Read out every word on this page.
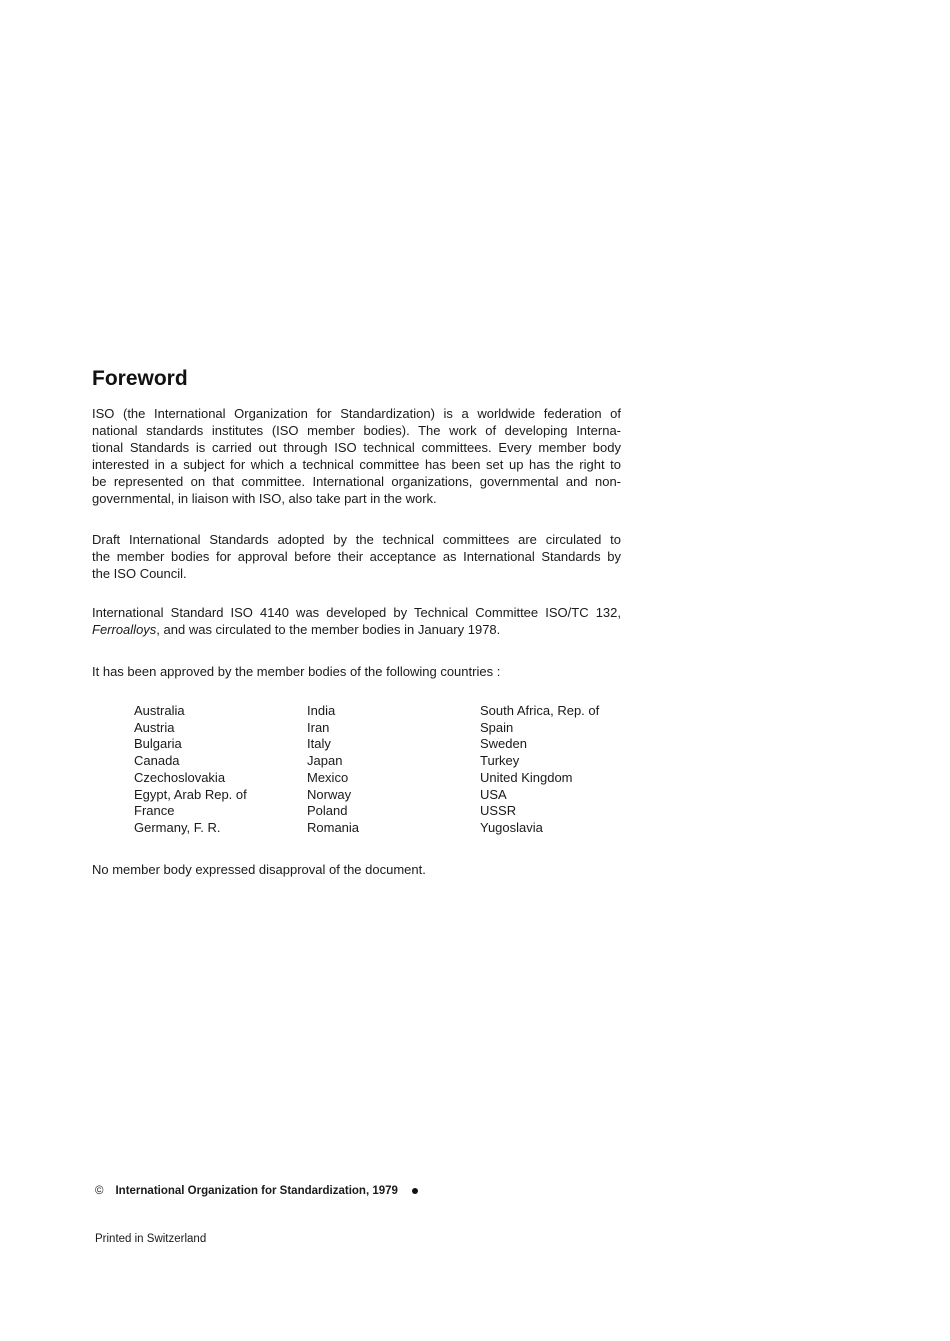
Foreword
ISO (the International Organization for Standardization) is a worldwide federation of
national standards institutes (ISO member bodies). The work of developing Interna-
tional Standards is carried out through ISO technical committees. Every member body
interested in a subject for which a technical committee has been set up has the right to
be represented on that committee. International organizations, governmental and non-
governmental, in liaison with ISO, also take part in the work.
Draft International Standards adopted by the technical committees are circulated to
the member bodies for approval before their acceptance as International Standards by
the ISO Council.
International Standard ISO 4140 was developed by Technical Committee ISO/TC 132,
Ferroalloys, and was circulated to the member bodies in January 1978.
It has been approved by the member bodies of the following countries :
Australia
Austria
Bulgaria
Canada
Czechoslovakia
Egypt, Arab Rep. of
France
Germany, F. R.
India
Iran
Italy
Japan
Mexico
Norway
Poland
Romania
South Africa, Rep. of
Spain
Sweden
Turkey
United Kingdom
USA
USSR
Yugoslavia
No member body expressed disapproval of the document.
© International Organization for Standardization, 1979
Printed in Switzerland
